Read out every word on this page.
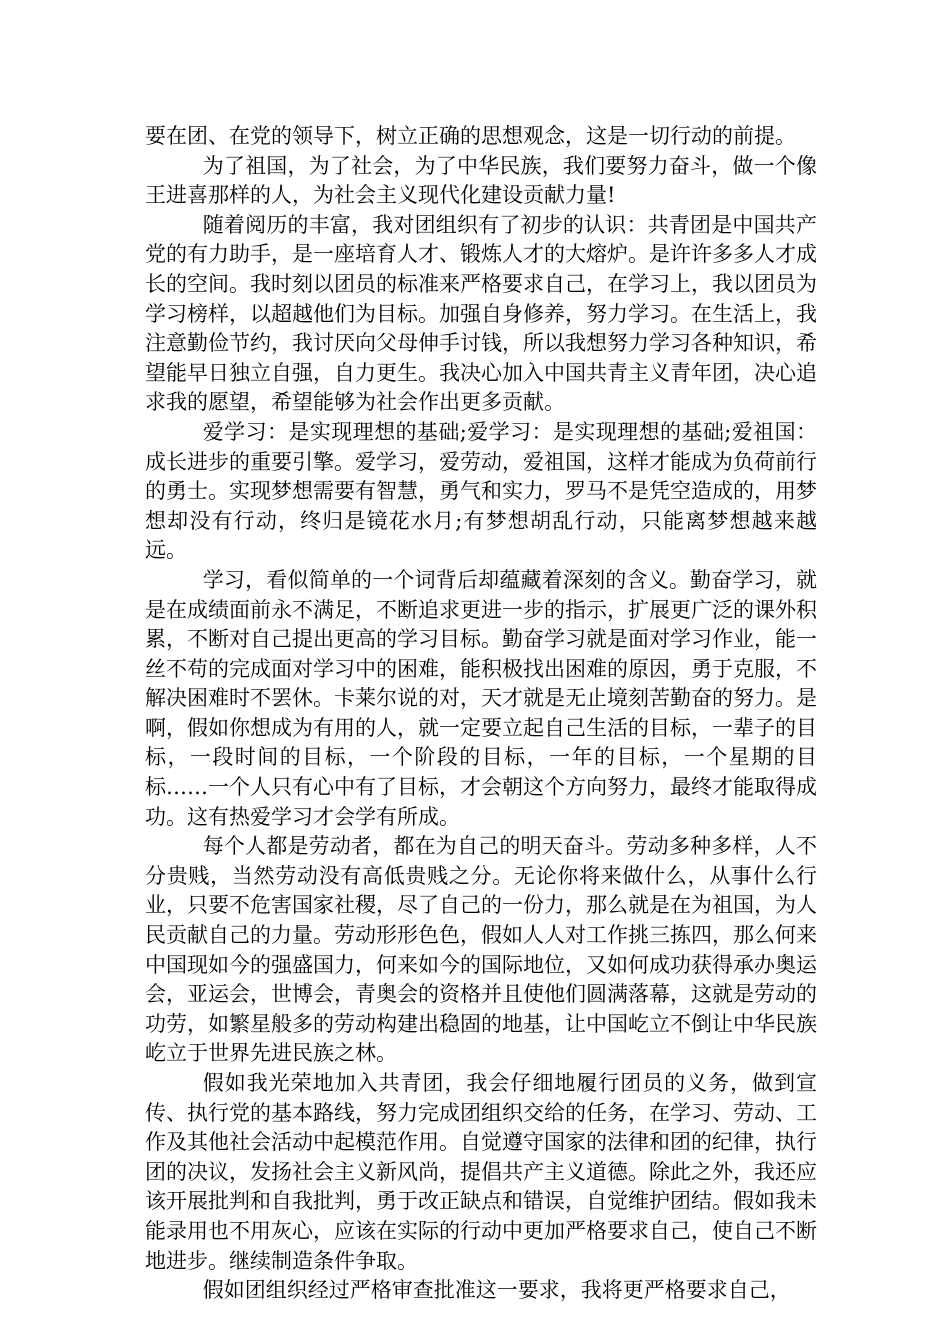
要在团、在党的领导下，树立正确的思想观念，这是一切行动的前提。

为了祖国，为了社会，为了中华民族，我们要努力奋斗，做一个像王进喜那样的人，为社会主义现代化建设贡献力量!

随着阅历的丰富，我对团组织有了初步的认识：共青团是中国共产党的有力助手，是一座培育人才、锻炼人才的大熔炉。是许许多多人才成长的空间。我时刻以团员的标准来严格要求自己，在学习上，我以团员为学习榜样，以超越他们为目标。加强自身修养，努力学习。在生活上，我注意勤俭节约，我讨厌向父母伸手讨钱，所以我想努力学习各种知识，希望能早日独立自强，自力更生。我决心加入中国共青主义青年团，决心追求我的愿望，希望能够为社会作出更多贡献。

爱学习：是实现理想的基础;爱学习：是实现理想的基础;爱祖国：成长进步的重要引擎。爱学习，爱劳动，爱祖国，这样才能成为负荷前行的勇士。实现梦想需要有智慧，勇气和实力，罗马不是凭空造成的，用梦想却没有行动，终归是镜花水月;有梦想胡乱行动，只能离梦想越来越远。

学习，看似简单的一个词背后却蕴藏着深刻的含义。勤奋学习，就是在成绩面前永不满足，不断追求更进一步的指示，扩展更广泛的课外积累，不断对自己提出更高的学习目标。勤奋学习就是面对学习作业，能一丝不苟的完成面对学习中的困难，能积极找出困难的原因，勇于克服，不解决困难时不罢休。卡莱尔说的对，天才就是无止境刻苦勤奋的努力。是啊，假如你想成为有用的人，就一定要立起自己生活的目标，一辈子的目标，一段时间的目标，一个阶段的目标，一年的目标，一个星期的目标……一个人只有心中有了目标，才会朝这个方向努力，最终才能取得成功。这有热爱学习才会学有所成。

每个人都是劳动者，都在为自己的明天奋斗。劳动多种多样，人不分贵贱，当然劳动没有高低贵贱之分。无论你将来做什么，从事什么行业，只要不危害国家社稷，尽了自己的一份力，那么就是在为祖国，为人民贡献自己的力量。劳动形形色色，假如人人对工作挑三拣四，那么何来中国现如今的强盛国力，何来如今的国际地位，又如何成功获得承办奥运会，亚运会，世博会，青奥会的资格并且使他们圆满落幕，这就是劳动的功劳，如繁星般多的劳动构建出稳固的地基，让中国屹立不倒让中华民族屹立于世界先进民族之林。

假如我光荣地加入共青团，我会仔细地履行团员的义务，做到宣传、执行党的基本路线，努力完成团组织交给的任务，在学习、劳动、工作及其他社会活动中起模范作用。自觉遵守国家的法律和团的纪律，执行团的决议，发扬社会主义新风尚，提倡共产主义道德。除此之外，我还应该开展批判和自我批判，勇于改正缺点和错误，自觉维护团结。假如我未能录用也不用灰心，应该在实际的行动中更加严格要求自己，使自己不断地进步。继续制造条件争取。

假如团组织经过严格审查批准这一要求，我将更严格要求自己，
